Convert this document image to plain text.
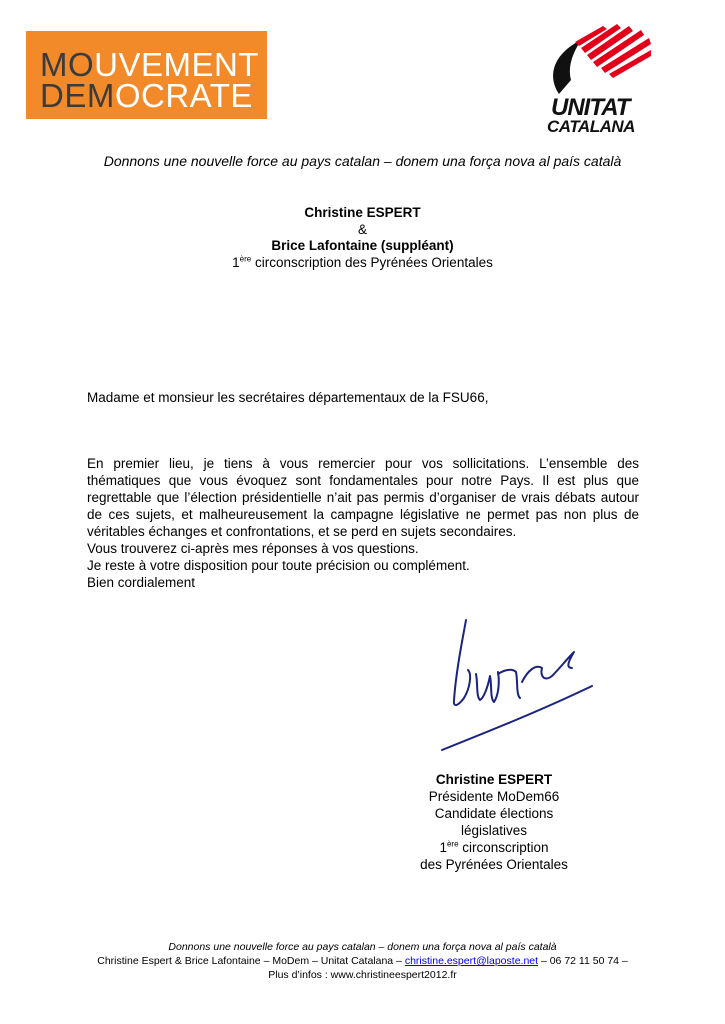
MOUVEMENT
DEMOCRATE	UNITAT
CATALANA
Donnons une nouvelle force au pays catalan – donem una força nova al país català
Christine ESPERT
&
Brice Lafontaine (suppléant)
1ère circonscription des Pyrénées Orientales
Madame et monsieur les secrétaires départementaux de la FSU66,
En premier lieu, je tiens à vous remercier pour vos sollicitations. L’ensemble des thématiques que vous évoquez sont fondamentales pour notre Pays. Il est plus que regrettable que l’élection présidentielle n’ait pas permis d’organiser de vrais débats autour de ces sujets, et malheureusement la campagne législative ne permet pas non plus de véritables échanges et confrontations, et se perd en sujets secondaires.
Vous trouverez ci-après mes réponses à vos questions.
Je reste à votre disposition pour toute précision ou complément.
Bien cordialement
Christine ESPERT
Présidente MoDem66
Candidate élections législatives
1ère circonscription
des Pyrénées Orientales
Donnons une nouvelle force au pays catalan – donem una força nova al país català
Christine Espert & Brice Lafontaine – MoDem – Unitat Catalana – christine.espert@laposte.net – 06 72 11 50 74 –
Plus d’infos : www.christineespert2012.fr
